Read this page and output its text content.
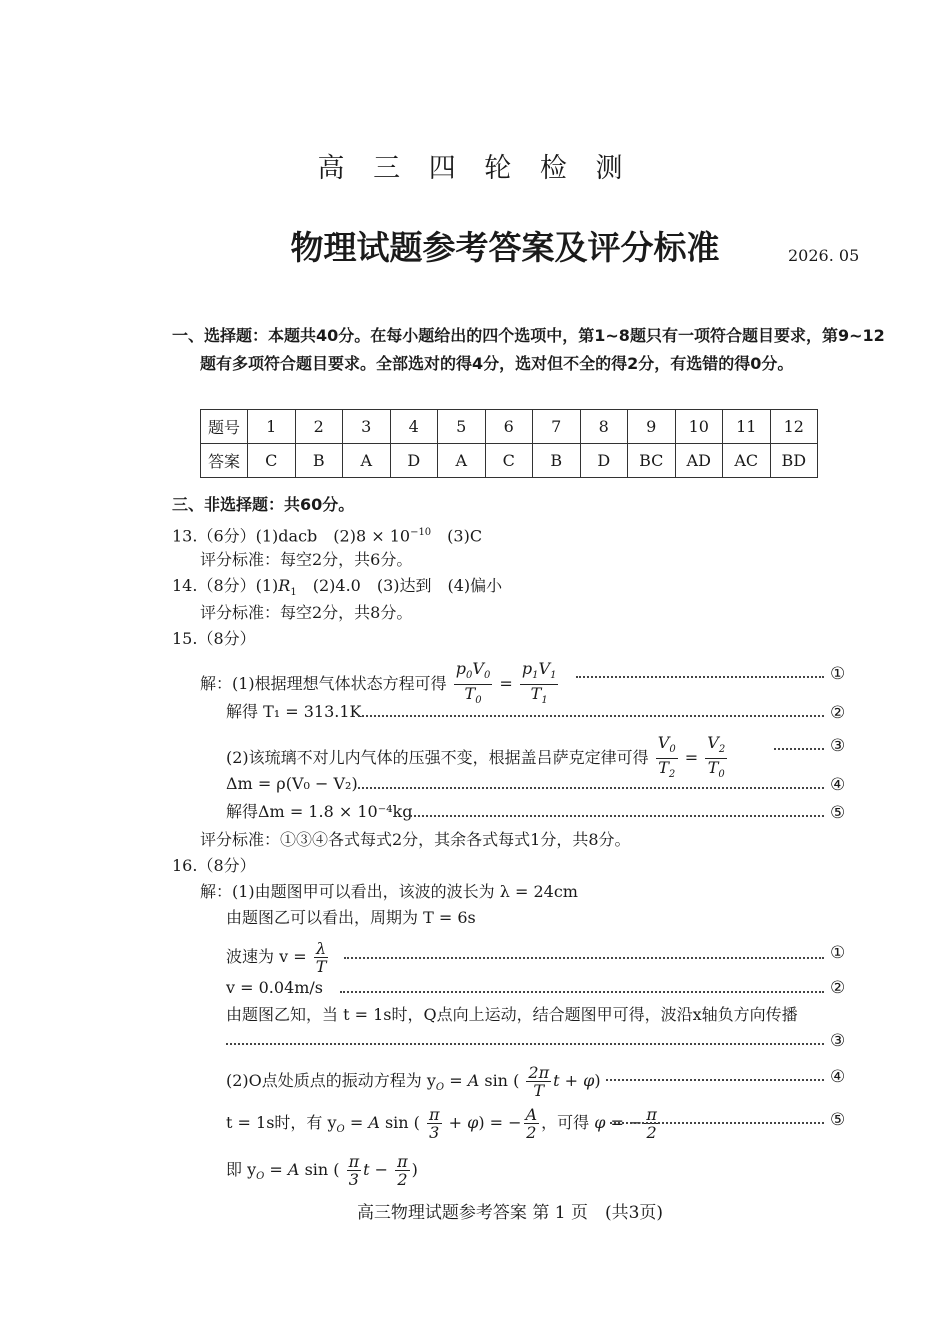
高 三 四 轮 检 测
物理试题参考答案及评分标准	2026. 05
一、选择题：本题共40分。在每小题给出的四个选项中，第1~8题只有一项符合题目要求，第9~12题有多项符合题目要求。全部选对的得4分，选对但不全的得2分，有选错的得0分。
题号	1	2	3	4	5	6	7	8	9	10	11	12
答案	C	B	A	D	A	C	B	D	BC	AD	AC	BD
三、非选择题：共60分。
13.（6分）(1)dacb　$(2)8 \times 10^{-10}$　(3)C
评分标准：每空2分，共6分。
14.（8分）$(1)R_1$　(2)4.0　(3)达到　(4)偏小
评分标准：每空2分，共8分。
15.（8分）
解：(1)根据理想气体状态方程可得 $\frac{p_0V_0}{T_0} = \frac{p_1V_1}{T_1}$	①
解得 T₁ = 313.1K	②
(2)该琉璃不对儿内气体的压强不变，根据盖吕萨克定律可得 $\frac{V_0}{T_2} = \frac{V_2}{T_0}$	③
Δm = ρ(V₀ − V₂)	④
解得Δm = 1.8 × 10⁻⁴kg	⑤
评分标准：①③④各式每式2分，其余各式每式1分，共8分。
16.（8分）
解：(1)由题图甲可以看出，该波的波长为 λ = 24cm
由题图乙可以看出，周期为 T = 6s
波速为 $v = \frac{\lambda}{T}$	①
v = 0.04m/s	②
由题图乙知，当 t = 1s时，Q点向上运动，结合题图甲可得，波沿x轴负方向传播
③
(2)O点处质点的振动方程为 $y_O = A$ sin ( $\frac{2\pi}{T}$ t + φ)	④
t = 1s时，有 $y_O = A$ sin ( $\frac{\pi}{3} + \varphi$) = − $\frac{A}{2}$ ，可得 φ = − $\frac{\pi}{2}$	⑤
即 $y_O = A$ sin ( $\frac{\pi}{3}$ $t - \frac{\pi}{2}$ )
高三物理试题参考答案 第 1 页　(共3页)
